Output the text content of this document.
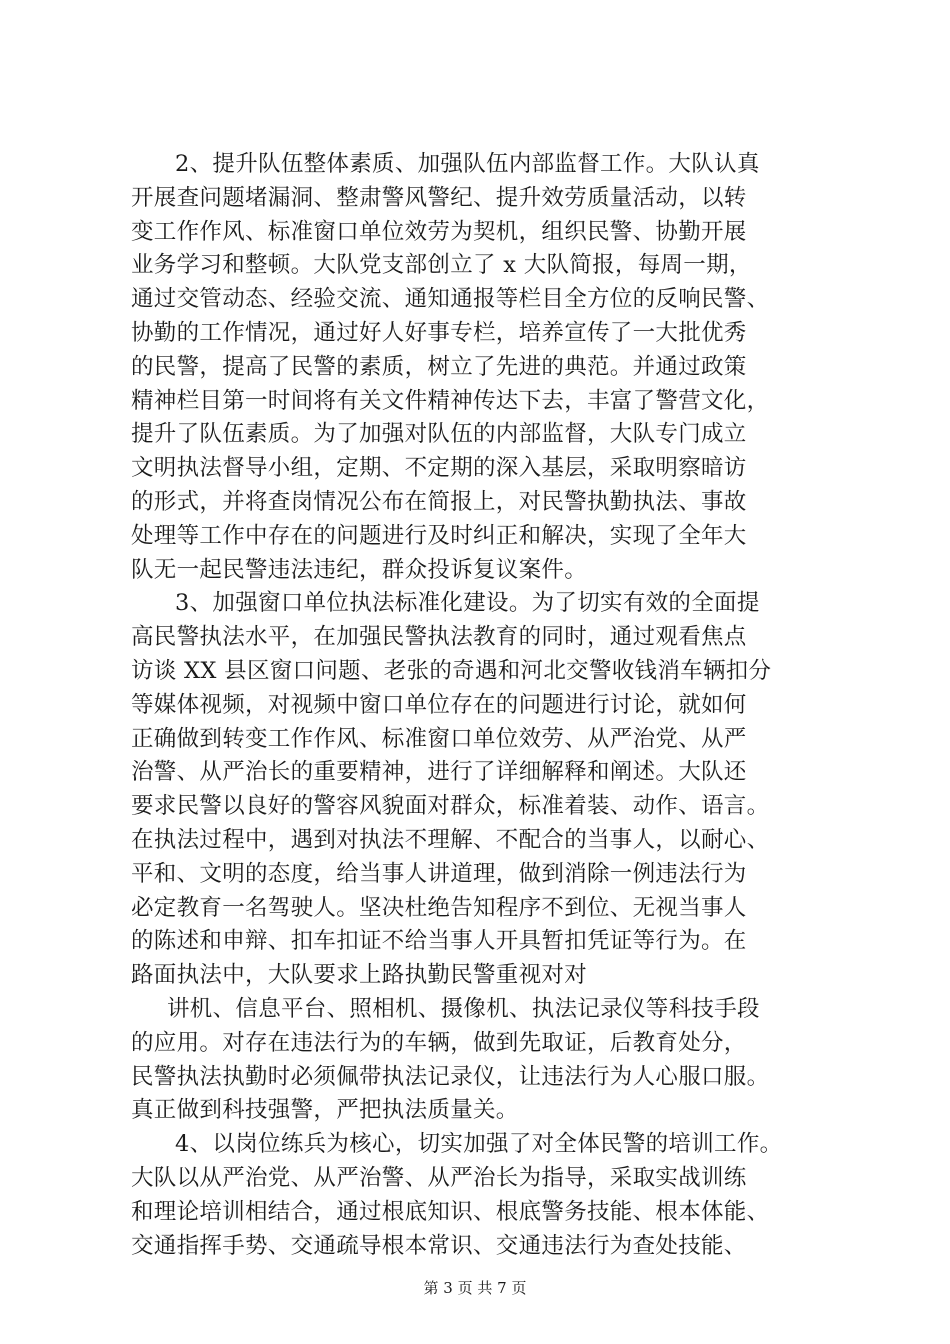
2、提升队伍整体素质、加强队伍内部监督工作。大队认真
开展查问题堵漏洞、整肃警风警纪、提升效劳质量活动，以转
变工作作风、标准窗口单位效劳为契机，组织民警、协勤开展
业务学习和整顿。大队党支部创立了 x 大队简报，每周一期，
通过交管动态、经验交流、通知通报等栏目全方位的反响民警、
协勤的工作情况，通过好人好事专栏，培养宣传了一大批优秀
的民警，提高了民警的素质，树立了先进的典范。并通过政策
精神栏目第一时间将有关文件精神传达下去，丰富了警营文化，
提升了队伍素质。为了加强对队伍的内部监督，大队专门成立
文明执法督导小组，定期、不定期的深入基层，采取明察暗访
的形式，并将查岗情况公布在简报上，对民警执勤执法、事故
处理等工作中存在的问题进行及时纠正和解决，实现了全年大
队无一起民警违法违纪，群众投诉复议案件。
3、加强窗口单位执法标准化建设。为了切实有效的全面提
高民警执法水平，在加强民警执法教育的同时，通过观看焦点
访谈 XX 县区窗口问题、老张的奇遇和河北交警收钱消车辆扣分
等媒体视频，对视频中窗口单位存在的问题进行讨论，就如何
正确做到转变工作作风、标准窗口单位效劳、从严治党、从严
治警、从严治长的重要精神，进行了详细解释和阐述。大队还
要求民警以良好的警容风貌面对群众，标准着装、动作、语言。
在执法过程中，遇到对执法不理解、不配合的当事人，以耐心、
平和、文明的态度，给当事人讲道理，做到消除一例违法行为
必定教育一名驾驶人。坚决杜绝告知程序不到位、无视当事人
的陈述和申辩、扣车扣证不给当事人开具暂扣凭证等行为。在
路面执法中，大队要求上路执勤民警重视对对
讲机、信息平台、照相机、摄像机、执法记录仪等科技手段
的应用。对存在违法行为的车辆，做到先取证，后教育处分，
民警执法执勤时必须佩带执法记录仪，让违法行为人心服口服。
真正做到科技强警，严把执法质量关。
4、以岗位练兵为核心，切实加强了对全体民警的培训工作。
大队以从严治党、从严治警、从严治长为指导，采取实战训练
和理论培训相结合，通过根底知识、根底警务技能、根本体能、
交通指挥手势、交通疏导根本常识、交通违法行为查处技能、
第 3 页 共 7 页
